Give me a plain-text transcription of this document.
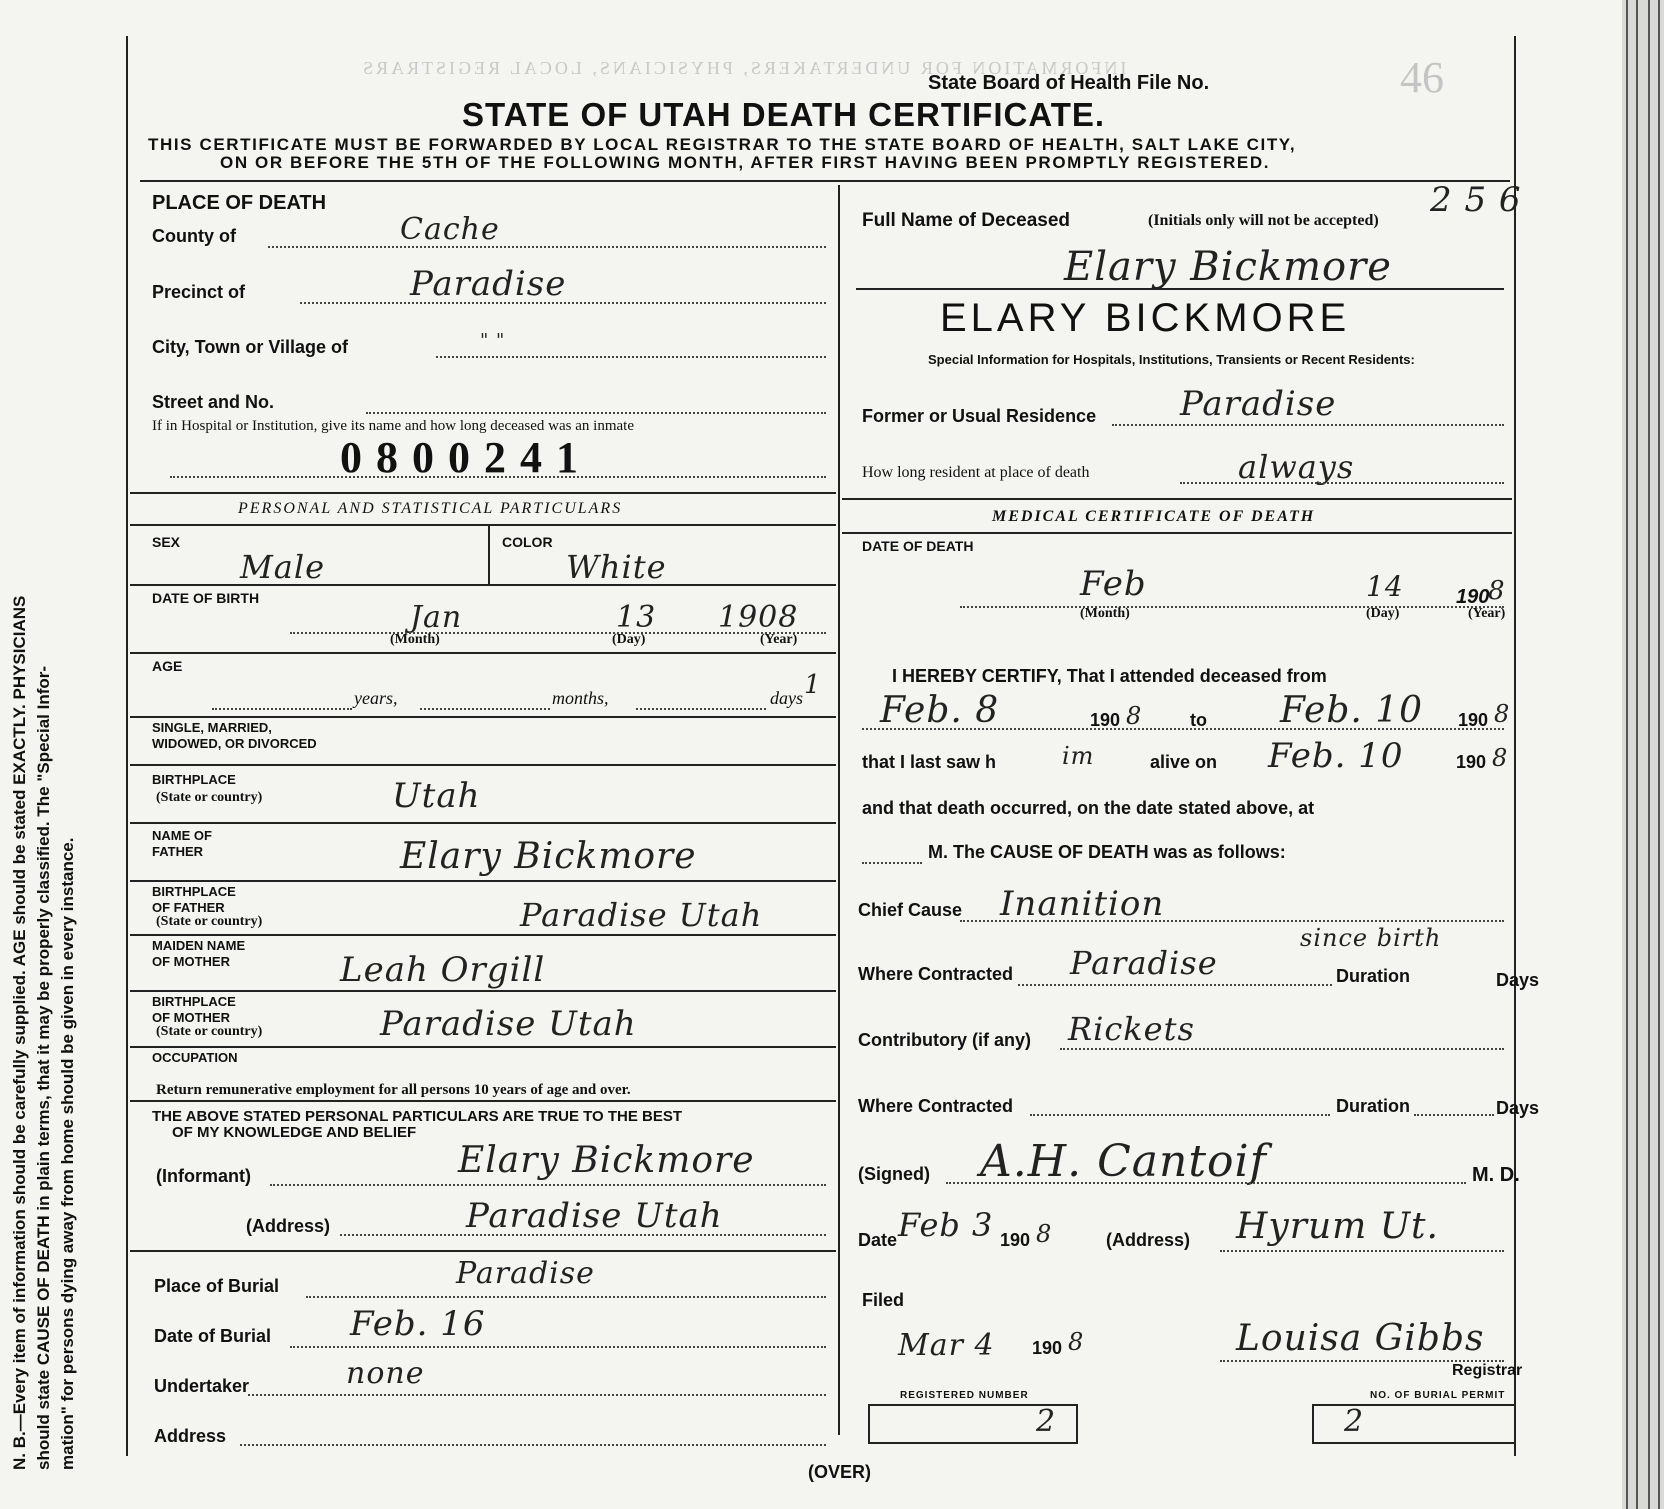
N. B.—Every item of information should be carefully supplied. AGE should be stated EXACTLY. PHYSICIANS should state CAUSE OF DEATH in plain terms, that it may be properly classified. The "Special Infor- mation" for persons dying away from home should be given in every instance.
INFORMATION FOR UNDERTAKERS, PHYSICIANS, LOCAL REGISTRARS	46
State Board of Health File No.
STATE OF UTAH DEATH CERTIFICATE.
THIS CERTIFICATE MUST BE FORWARDED BY LOCAL REGISTRAR TO THE STATE BOARD OF HEALTH, SALT LAKE CITY,
ON OR BEFORE THE 5TH OF THE FOLLOWING MONTH, AFTER FIRST HAVING BEEN PROMPTLY REGISTERED.
2 5 6
PLACE OF DEATH
County of	Cache
Precinct of	Paradise
City, Town or Village of	" "
Street and No.
If in Hospital or Institution, give its name and how long deceased was an inmate
0800241
PERSONAL AND STATISTICAL PARTICULARS
SEX
Male
COLOR
White
DATE OF BIRTH
Jan	13 1908
(Month)	(Day)	(Year)
AGE
years,	months,	days 1
SINGLE, MARRIED,
WIDOWED, OR DIVORCED
BIRTHPLACE
(State or country)	Utah
NAME OF
FATHER	Elary Bickmore
BIRTHPLACE
OF FATHER
(State or country)	Paradise Utah
MAIDEN NAME
OF MOTHER	Leah Orgill
BIRTHPLACE
OF MOTHER
(State or country)	Paradise Utah
OCCUPATION
Return remunerative employment for all persons 10 years of age and over.
THE ABOVE STATED PERSONAL PARTICULARS ARE TRUE TO THE BEST
OF MY KNOWLEDGE AND BELIEF
(Informant)	Elary Bickmore
(Address)	Paradise Utah
Place of Burial	Paradise
Date of Burial Feb. 16
Undertaker	none
Address
Full Name of Deceased	(Initials only will not be accepted)
Elary Bickmore
ELARY BICKMORE
Special Information for Hospitals, Institutions, Transients or Recent Residents:
Former or Usual Residence Paradise
How long resident at place of death	always
MEDICAL CERTIFICATE OF DEATH
DATE OF DEATH
Feb	14	190
8
(Month)	(Day)	(Year)
I HEREBY CERTIFY, That I attended deceased from
Feb. 8	190 8	to Feb. 10 190 8
that I last saw h	im	alive on Feb. 10	190 8
and that death occurred, on the date stated above, at
M. The CAUSE OF DEATH was as follows:
Chief Cause Inanition
Where Contracted Paradise
since birth
Duration	Days
Contributory (if any) Rickets
Where Contracted	Duration	Days
(Signed) A.H. Cantoif	M. D.
Date Feb 3 190 8	(Address) Hyrum Ut.
Filed
Mar 4 190 8	Louisa Gibbs
Registrar
REGISTERED NUMBER
2
NO. OF BURIAL PERMIT
2
(OVER)
